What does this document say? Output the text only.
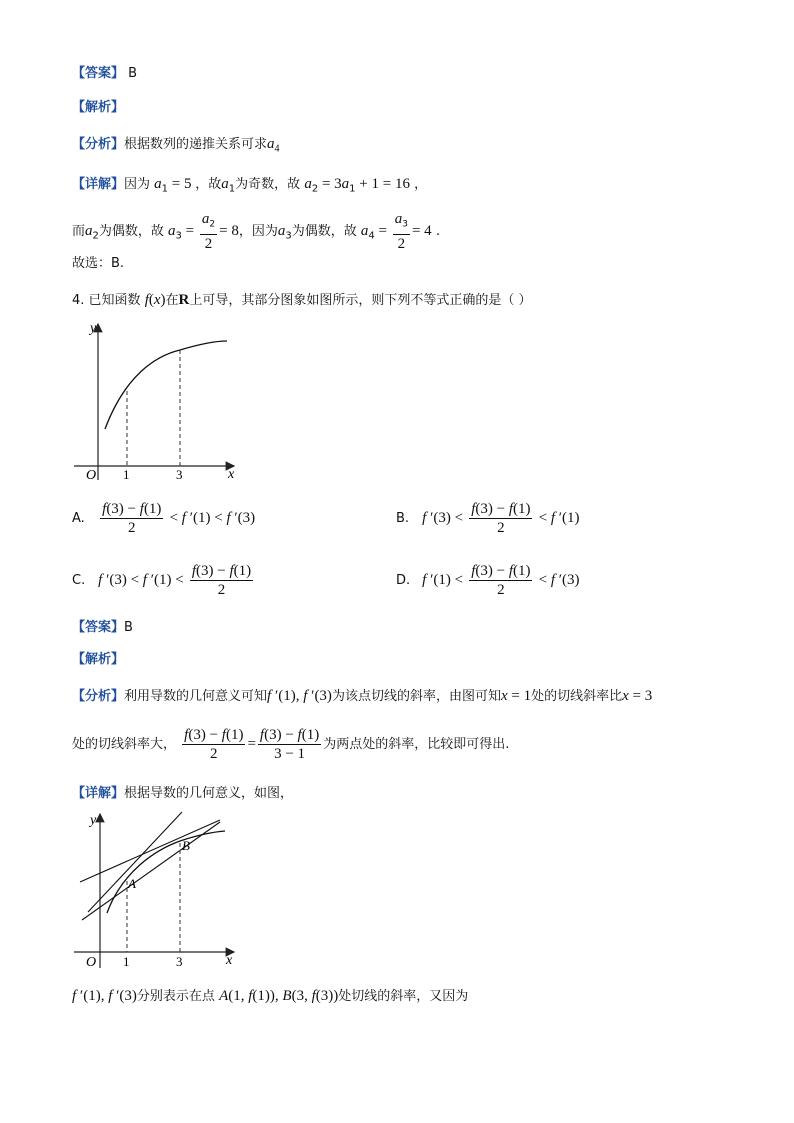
【答案】 B
【解析】
【分析】根据数列的递推关系可求$a_4$
【详解】因为 $a_1 = 5$ ，故$a_1$为奇数，故 $a_2 = 3a_1 + 1 = 16$ ，
而$a_2$为偶数，故 $a_3 = \frac{a_2}{2} = 8$，因为$a_3$为偶数，故 $a_4 = \frac{a_3}{2} = 4$ .
故选：B.
4. 已知函数 f(x)在R上可导，其部分图象如图所示，则下列不等式正确的是（ ）
y
x
O 1	3
A. $\frac{f(3) - f(1)}{2} < f$ ′(1) < f ′(3)	B. f $'(3) < \frac{f(3) - f(1)}{2} < f$ ′(1)
C. f ′(3) < f $'(1) < \frac{f(3) - f(1)}{2}$	D. f $'(1) < \frac{f(3) - f(1)}{2} < f$ ′(3)
【答案】B
【解析】
【分析】利用导数的几何意义可知f ′(1), f ′(3)为该点切线的斜率，由图可知x = 1处的切线斜率比x = 3
处的切线斜率大， $\frac{f(3) - f(1)}{2} = \frac{f(3) - f(1)}{3 - 1}$ 为两点处的斜率，比较即可得出.
【详解】根据导数的几何意义，如图，
y
x
O 1	3
A
B
f ′(1), f ′(3)分别表示在点 A(1, f(1)), B(3, f(3))处切线的斜率，又因为
